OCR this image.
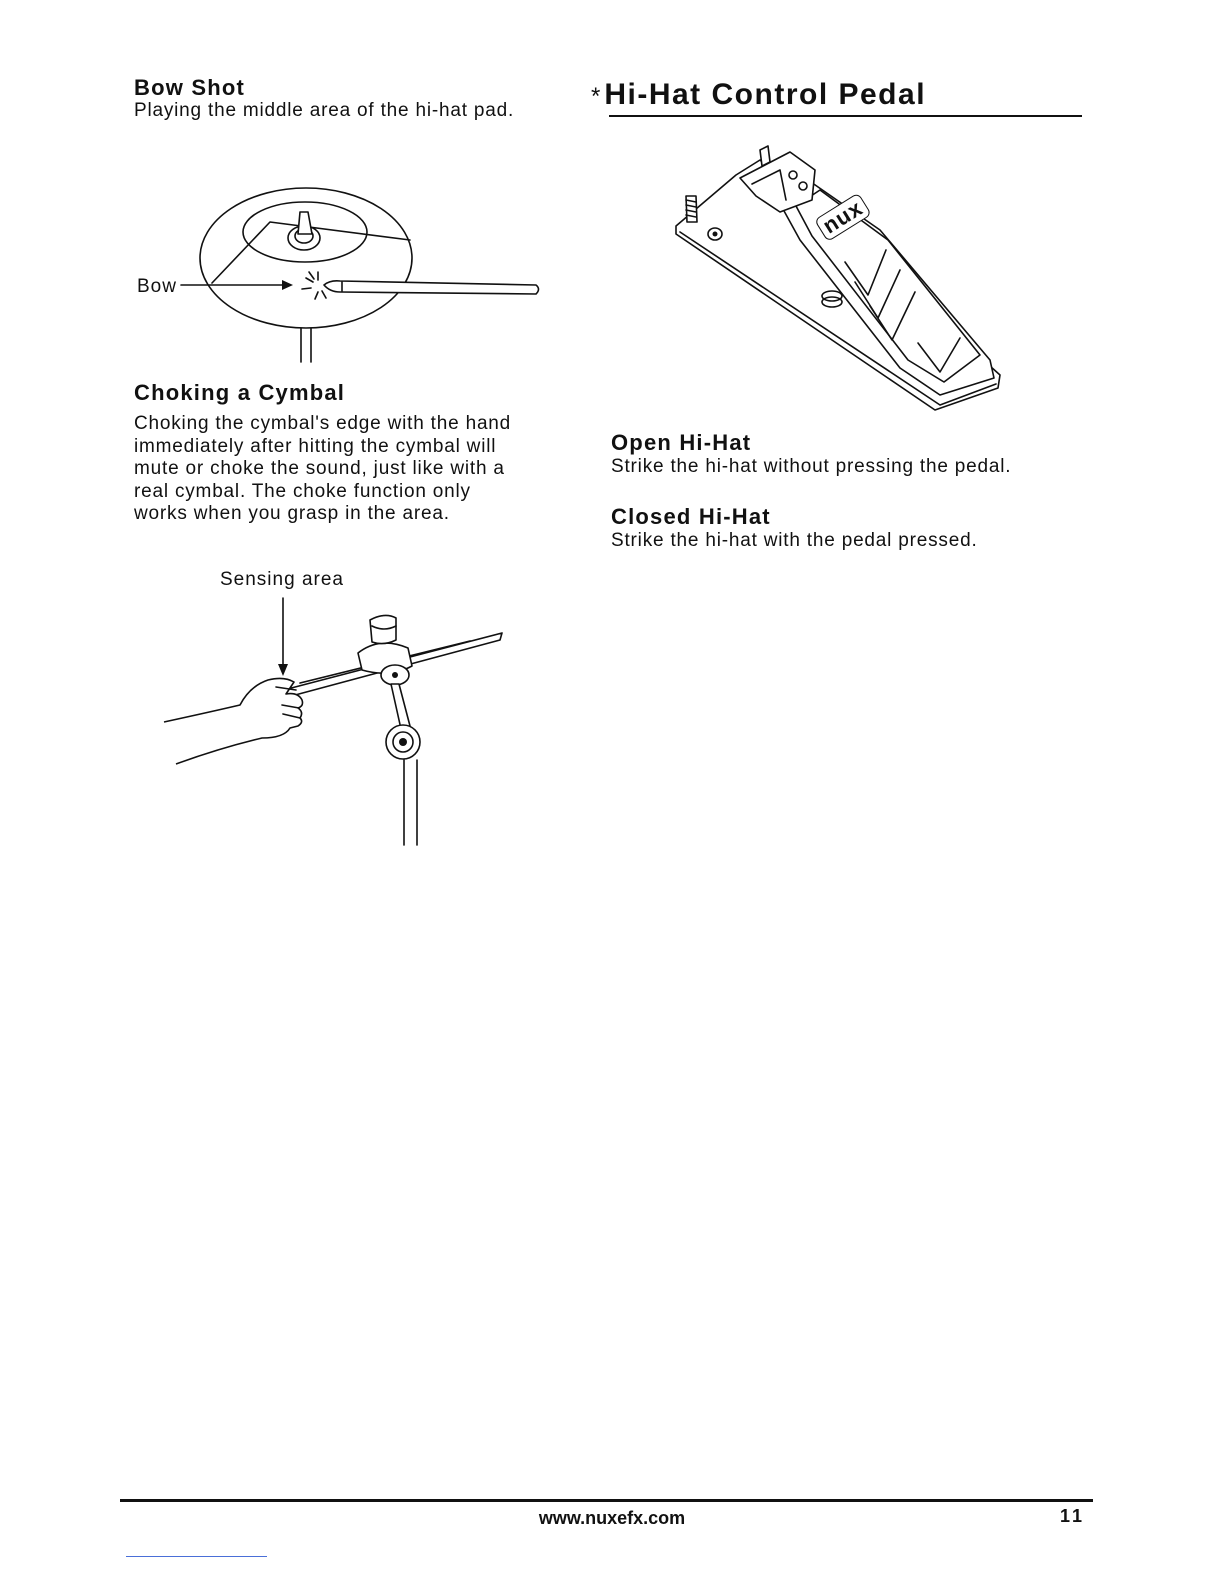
Bow Shot
Playing the middle area of the hi-hat pad.
Bow
Choking a Cymbal
Choking the cymbal's edge with the hand
immediately after hitting the cymbal will
mute or choke the sound, just like with a
real cymbal. The choke function only
works when you grasp in the area.
Sensing area
* Hi-Hat Control Pedal
nux
Open Hi-Hat
Strike the hi-hat without pressing the pedal.
Closed Hi-Hat
Strike the hi-hat with the pedal pressed.
www.nuxefx.com	11
